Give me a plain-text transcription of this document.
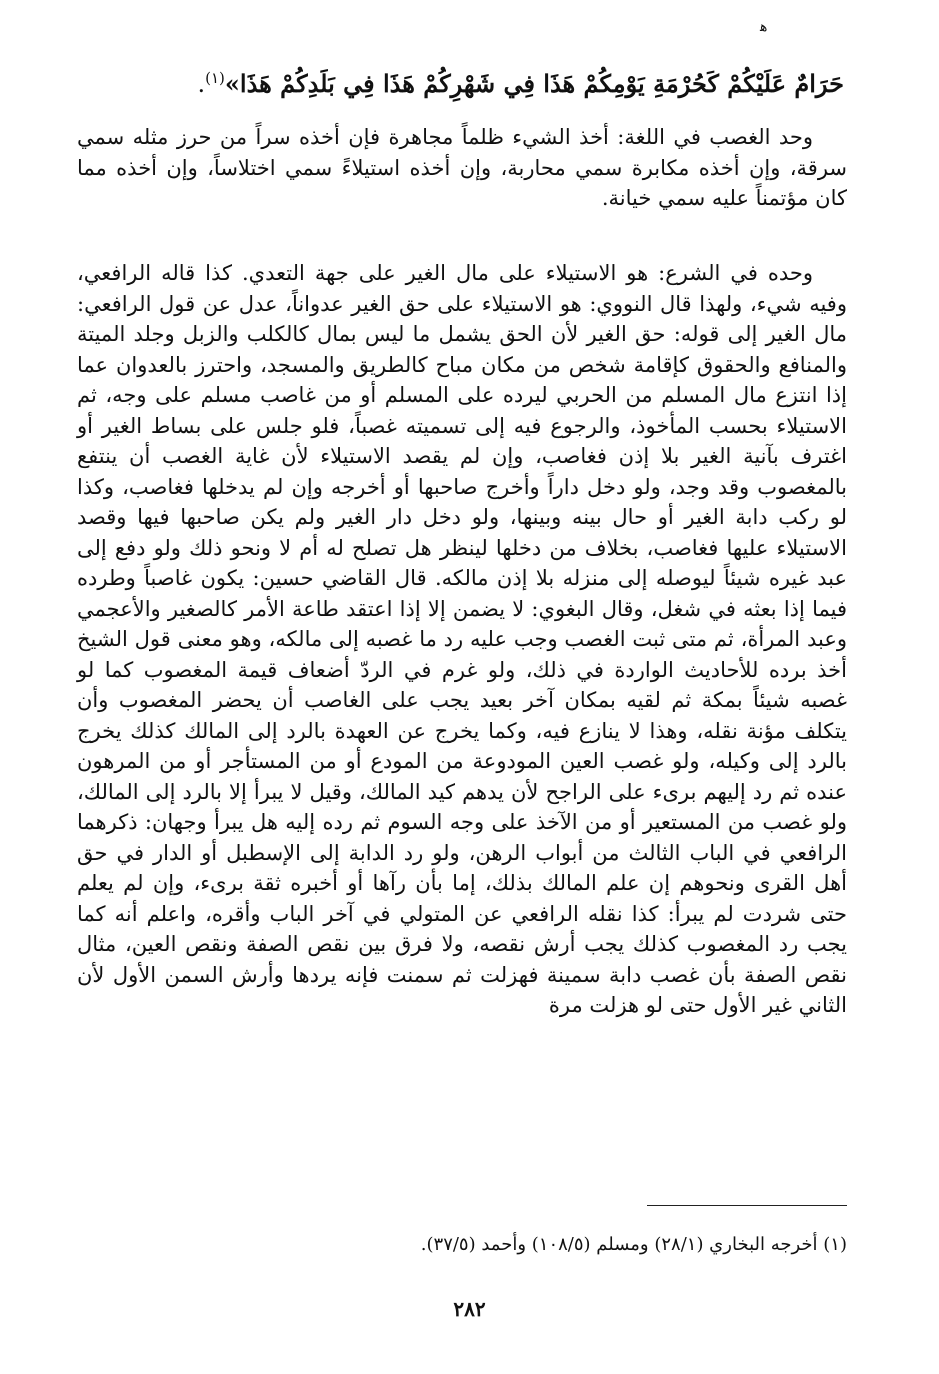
ﻫ
حَرَامٌ عَلَيْكُمْ كَحُرْمَةِ يَوْمِكُمْ هَذَا فِي شَهْرِكُمْ هَذَا فِي بَلَدِكُمْ هَذَا»$^{(١)}$.

وحد الغصب في اللغة: أخذ الشيء ظلماً مجاهرة فإن أخذه سراً من حرز مثله سمي سرقة، وإن أخذه مكابرة سمي محاربة، وإن أخذه استيلاءً سمي اختلاساً، وإن أخذه مما كان مؤتمناً عليه سمي خيانة.

وحده في الشرع: هو الاستيلاء على مال الغير على جهة التعدي. كذا قاله الرافعي، وفيه شيء، ولهذا قال النووي: هو الاستيلاء على حق الغير عدواناً، عدل عن قول الرافعي: مال الغير إلى قوله: حق الغير لأن الحق يشمل ما ليس بمال كالكلب والزبل وجلد الميتة والمنافع والحقوق كإقامة شخص من مكان مباح كالطريق والمسجد، واحترز بالعدوان عما إذا انتزع مال المسلم من الحربي ليرده على المسلم أو من غاصب مسلم على وجه، ثم الاستيلاء بحسب المأخوذ، والرجوع فيه إلى تسميته غصباً، فلو جلس على بساط الغير أو اغترف بآنية الغير بلا إذن فغاصب، وإن لم يقصد الاستيلاء لأن غاية الغصب أن ينتفع بالمغصوب وقد وجد، ولو دخل داراً وأخرج صاحبها أو أخرجه وإن لم يدخلها فغاصب، وكذا لو ركب دابة الغير أو حال بينه وبينها، ولو دخل دار الغير ولم يكن صاحبها فيها وقصد الاستيلاء عليها فغاصب، بخلاف من دخلها لينظر هل تصلح له أم لا ونحو ذلك ولو دفع إلى عبد غيره شيئاً ليوصله إلى منزله بلا إذن مالكه. قال القاضي حسين: يكون غاصباً وطرده فيما إذا بعثه في شغل، وقال البغوي: لا يضمن إلا إذا اعتقد طاعة الأمر كالصغير والأعجمي وعبد المرأة، ثم متى ثبت الغصب وجب عليه رد ما غصبه إلى مالكه، وهو معنى قول الشيخ أخذ برده للأحاديث الواردة في ذلك، ولو غرم في الردّ أضعاف قيمة المغصوب كما لو غصبه شيئاً بمكة ثم لقيه بمكان آخر بعيد يجب على الغاصب أن يحضر المغصوب وأن يتكلف مؤنة نقله، وهذا لا ينازع فيه، وكما يخرج عن العهدة بالرد إلى المالك كذلك يخرج بالرد إلى وكيله، ولو غصب العين المودوعة من المودع أو من المستأجر أو من المرهون عنده ثم رد إليهم برىء على الراجح لأن يدهم كيد المالك، وقيل لا يبرأ إلا بالرد إلى المالك، ولو غصب من المستعير أو من الآخذ على وجه السوم ثم رده إليه هل يبرأ وجهان: ذكرهما الرافعي في الباب الثالث من أبواب الرهن، ولو رد الدابة إلى الإسطبل أو الدار في حق أهل القرى ونحوهم إن علم المالك بذلك، إما بأن رآها أو أخبره ثقة برىء، وإن لم يعلم حتى شردت لم يبرأ: كذا نقله الرافعي عن المتولي في آخر الباب وأقره، واعلم أنه كما يجب رد المغصوب كذلك يجب أرش نقصه، ولا فرق بين نقص الصفة ونقص العين، مثال نقص الصفة بأن غصب دابة سمينة فهزلت ثم سمنت فإنه يردها وأرش السمن الأول لأن الثاني غير الأول حتى لو هزلت مرة

(١) أخرجه البخاري (٢٨/١) ومسلم (١٠٨/٥) وأحمد (٣٧/٥).
٢٨٢
